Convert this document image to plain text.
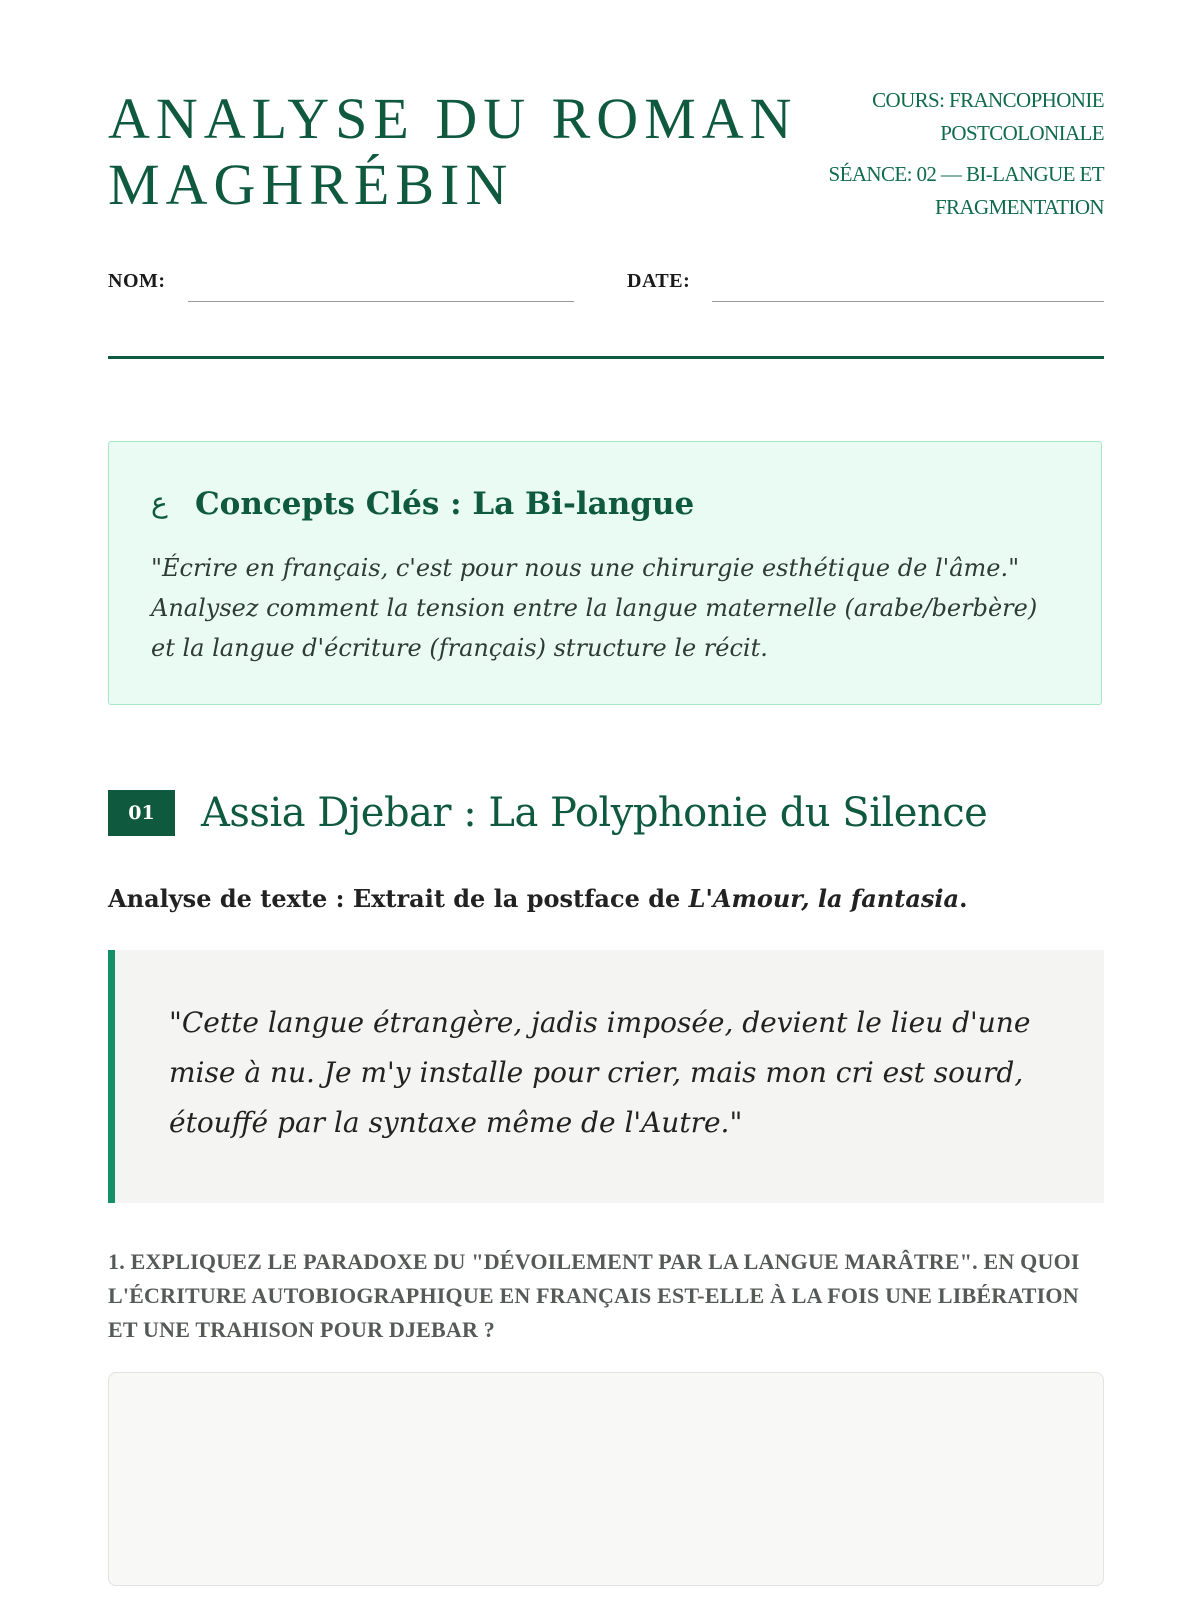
ANALYSE DU ROMAN
MAGHRÉBIN
COURS: FRANCOPHONIE
POSTCOLONIALE
SÉANCE: 02 — BI-LANGUE ET
FRAGMENTATION
NOM:	DATE:
ع Concepts Clés : La Bi-langue
"Écrire en français, c'est pour nous une chirurgie esthétique de l'âme." Analysez comment la tension entre la langue maternelle (arabe/berbère) et la langue d'écriture (français) structure le récit.
01	Assia Djebar : La Polyphonie du Silence
Analyse de texte : Extrait de la postface de L'Amour, la fantasia.

"Cette langue étrangère, jadis imposée, devient le lieu d'une mise à nu. Je m'y installe pour crier, mais mon cri est sourd, étouffé par la syntaxe même de l'Autre."

1. EXPLIQUEZ LE PARADOXE DU "DÉVOILEMENT PAR LA LANGUE MARÂTRE". EN QUOI L'ÉCRITURE AUTOBIOGRAPHIQUE EN FRANÇAIS EST-ELLE À LA FOIS UNE LIBÉRATION ET UNE TRAHISON POUR DJEBAR ?
